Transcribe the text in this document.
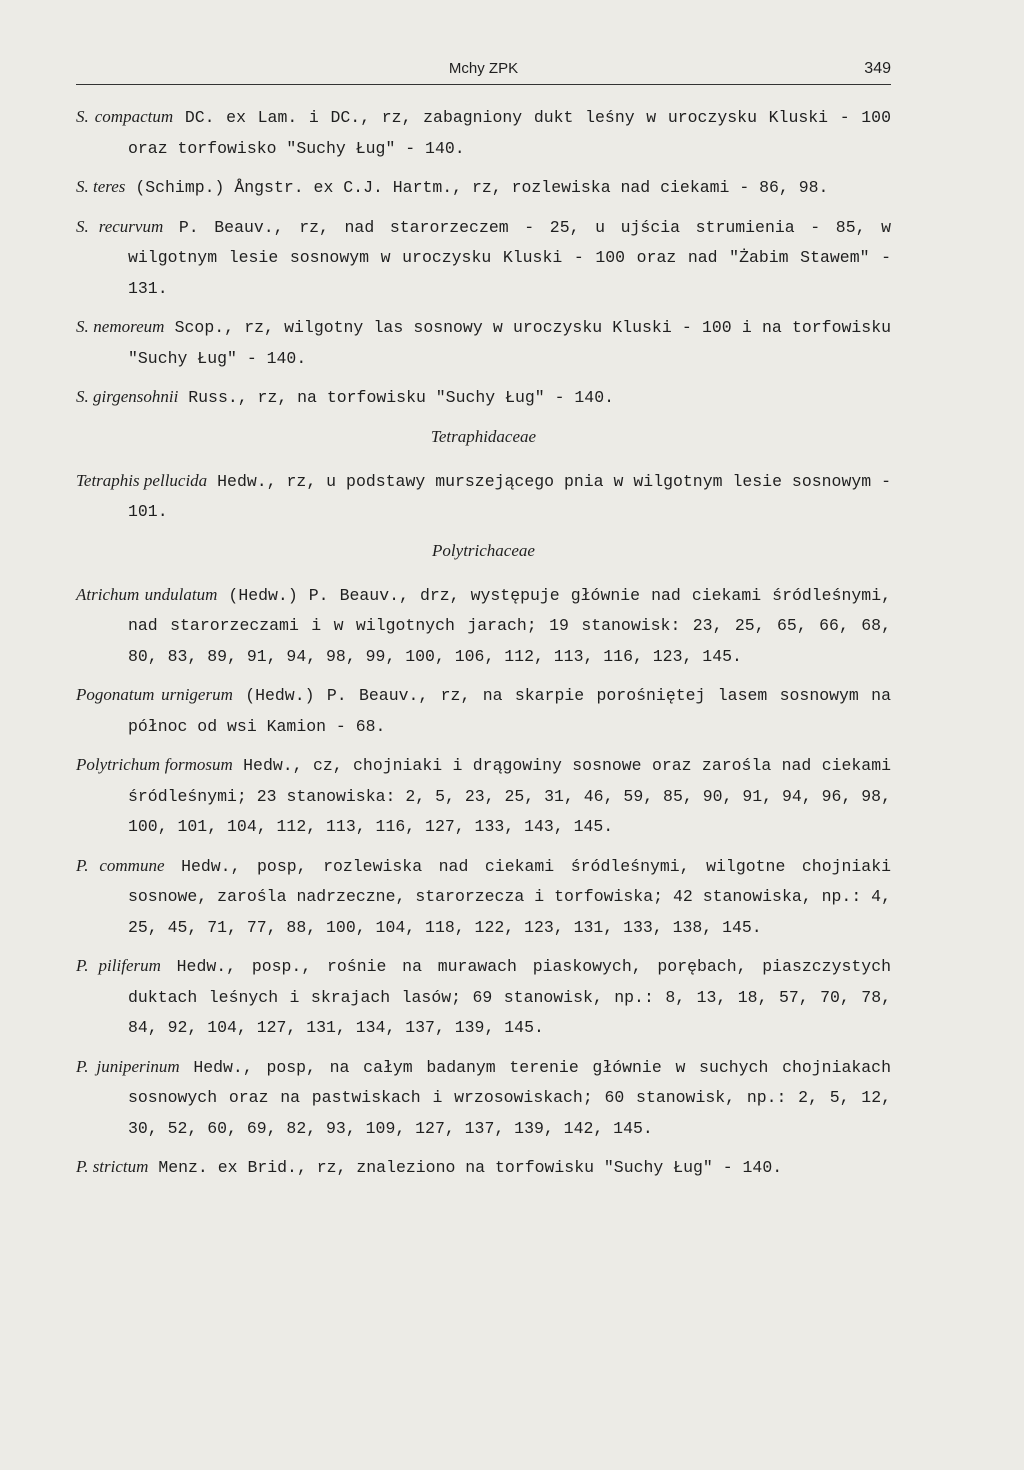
Mchy ZPK	349
S. compactum DC. ex Lam. i DC., rz, zabagniony dukt leśny w uroczysku Kluski - 100 oraz torfowisko "Suchy Ług" - 140.
S. teres (Schimp.) Ångstr. ex C.J. Hartm., rz, rozlewiska nad ciekami - 86, 98.
S. recurvum P. Beauv., rz, nad starorzeczem - 25, u ujścia strumienia - 85, w wilgotnym lesie sosnowym w uroczysku Kluski - 100 oraz nad "Żabim Stawem" - 131.
S. nemoreum Scop., rz, wilgotny las sosnowy w uroczysku Kluski - 100 i na torfowisku "Suchy Ług" - 140.
S. girgensohnii Russ., rz, na torfowisku "Suchy Ług" - 140.
Tetraphidaceae
Tetraphis pellucida Hedw., rz, u podstawy murszejącego pnia w wilgotnym lesie sosnowym - 101.
Polytrichaceae
Atrichum undulatum (Hedw.) P. Beauv., drz, występuje głównie nad ciekami śródleśnymi, nad starorzeczami i w wilgotnych jarach; 19 stanowisk: 23, 25, 65, 66, 68, 80, 83, 89, 91, 94, 98, 99, 100, 106, 112, 113, 116, 123, 145.
Pogonatum urnigerum (Hedw.) P. Beauv., rz, na skarpie porośniętej lasem sosnowym na północ od wsi Kamion - 68.
Polytrichum formosum Hedw., cz, chojniaki i drągowiny sosnowe oraz zarośla nad ciekami śródleśnymi; 23 stanowiska: 2, 5, 23, 25, 31, 46, 59, 85, 90, 91, 94, 96, 98, 100, 101, 104, 112, 113, 116, 127, 133, 143, 145.
P. commune Hedw., posp, rozlewiska nad ciekami śródleśnymi, wilgotne chojniaki sosnowe, zarośla nadrzeczne, starorzecza i torfowiska; 42 stanowiska, np.: 4, 25, 45, 71, 77, 88, 100, 104, 118, 122, 123, 131, 133, 138, 145.
P. piliferum Hedw., posp., rośnie na murawach piaskowych, porębach, piaszczystych duktach leśnych i skrajach lasów; 69 stanowisk, np.: 8, 13, 18, 57, 70, 78, 84, 92, 104, 127, 131, 134, 137, 139, 145.
P. juniperinum Hedw., posp, na całym badanym terenie głównie w suchych chojniakach sosnowych oraz na pastwiskach i wrzosowiskach; 60 stanowisk, np.: 2, 5, 12, 30, 52, 60, 69, 82, 93, 109, 127, 137, 139, 142, 145.
P. strictum Menz. ex Brid., rz, znaleziono na torfowisku "Suchy Ług" - 140.
